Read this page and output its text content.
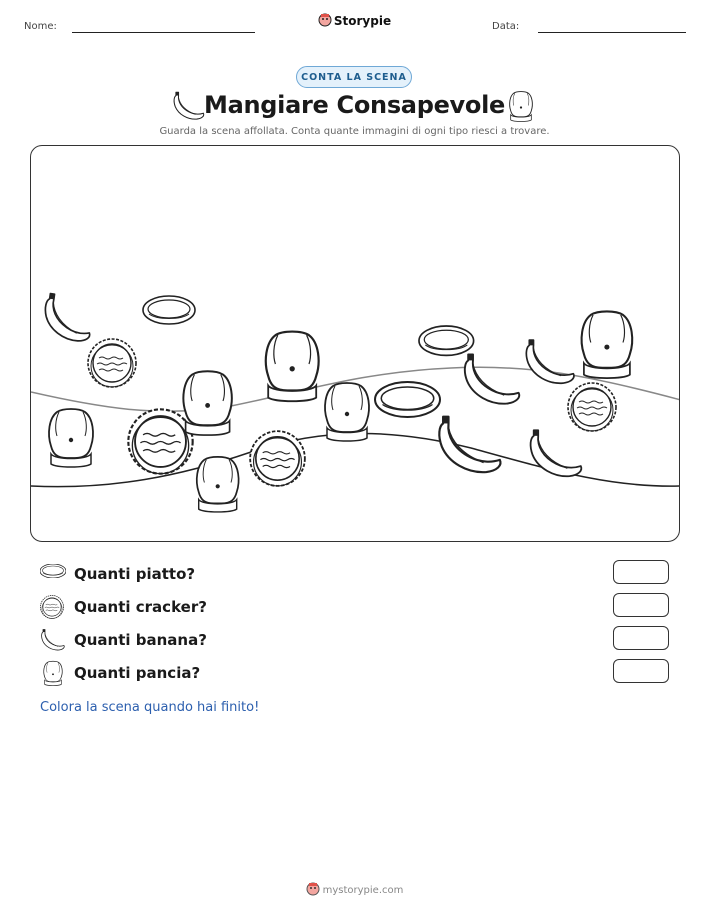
Nome:	Storypie	Data:
CONTA LA SCENA
Mangiare Consapevole
Guarda la scena affollata. Conta quante immagini di ogni tipo riesci a trovare.
Quanti piatto?
Quanti cracker?
Quanti banana?
Quanti pancia?
Colora la scena quando hai finito!
mystorypie.com
